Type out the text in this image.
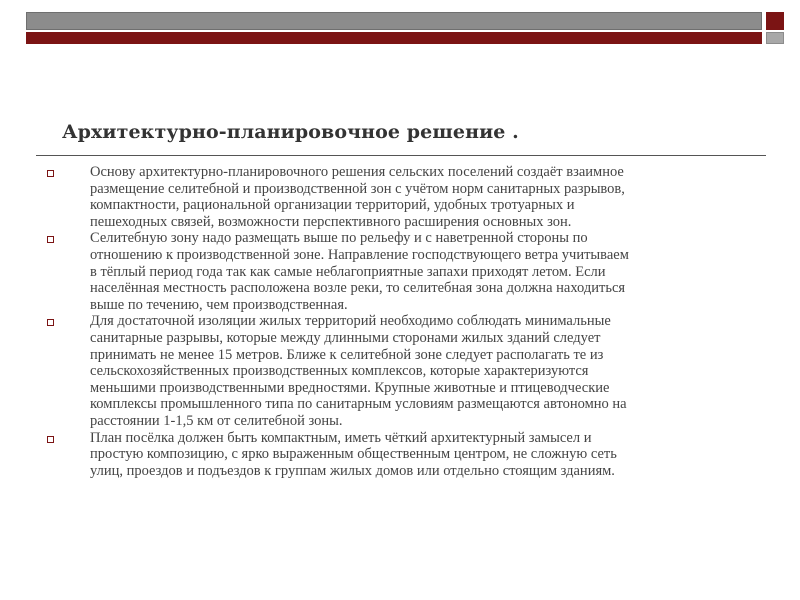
Архитектурно-планировочное решение .
Основу архитектурно-планировочного решения сельских поселений создаёт взаимное
размещение селитебной и производственной зон с учётом норм санитарных разрывов,
компактности, рациональной организации территорий, удобных тротуарных и
пешеходных связей, возможности перспективного расширения основных зон.
Селитебную зону надо размещать выше по рельефу и с наветренной стороны по
отношению к производственной зоне. Направление господствующего ветра учитываем
в тёплый период года так как самые неблагоприятные запахи приходят летом. Если
населённая местность расположена возле реки, то селитебная зона должна находиться
выше по течению, чем производственная.
Для достаточной изоляции жилых территорий необходимо соблюдать минимальные
санитарные разрывы, которые между длинными сторонами жилых зданий следует
принимать не менее 15 метров. Ближе к селитебной зоне следует располагать те из
сельскохозяйственных производственных комплексов, которые характеризуются
меньшими производственными вредностями. Крупные животные и птицеводческие
комплексы промышленного типа по санитарным условиям размещаются автономно на
расстоянии 1-1,5 км от селитебной зоны.
План посёлка должен быть компактным, иметь чёткий архитектурный замысел и
простую композицию, с ярко выраженным общественным центром, не сложную сеть
улиц, проездов и подъездов к группам жилых домов или отдельно стоящим зданиям.
